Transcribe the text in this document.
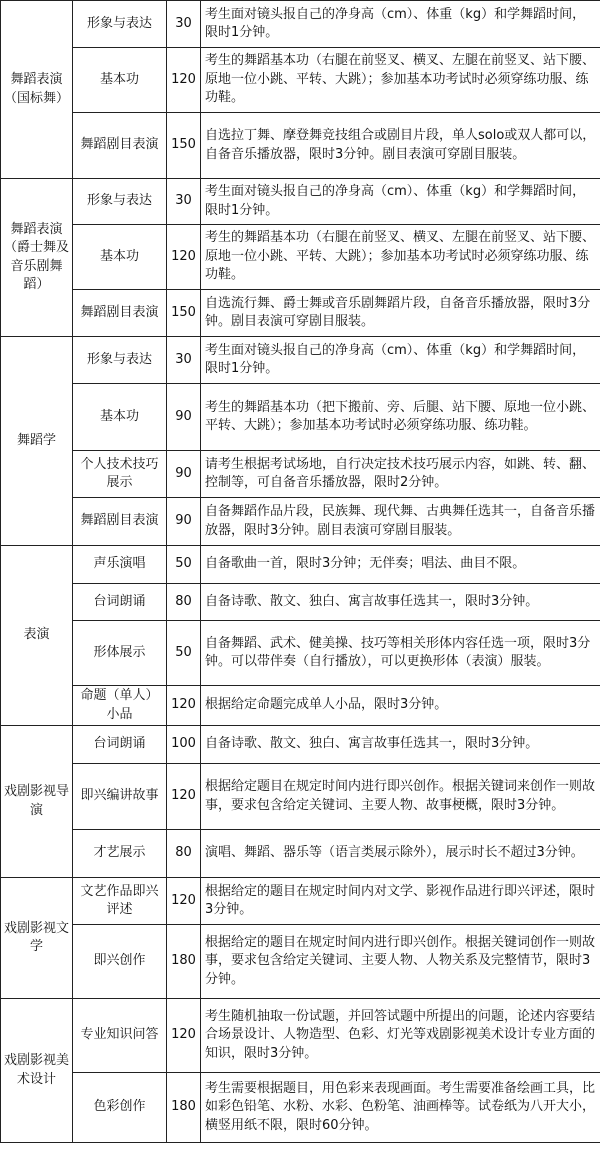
舞蹈表演（国标舞）	形象与表达	30	考生面对镜头报自己的净身高（cm）、体重（kg）和学舞蹈时间，限时1分钟。
	基本功	120	考生的舞蹈基本功（右腿在前竖叉、横叉、左腿在前竖叉、站下腰、原地一位小跳、平转、大跳）；参加基本功考试时必须穿练功服、练功鞋。
	舞蹈剧目表演	150	自选拉丁舞、摩登舞竞技组合或剧目片段，单人solo或双人都可以，自备音乐播放器，限时3分钟。剧目表演可穿剧目服装。
舞蹈表演（爵士舞及音乐剧舞蹈）	形象与表达	30	考生面对镜头报自己的净身高（cm）、体重（kg）和学舞蹈时间，限时1分钟。
	基本功	120	考生的舞蹈基本功（右腿在前竖叉、横叉、左腿在前竖叉、站下腰、原地一位小跳、平转、大跳）；参加基本功考试时必须穿练功服、练功鞋。
	舞蹈剧目表演	150	自选流行舞、爵士舞或音乐剧舞蹈片段，自备音乐播放器，限时3分钟。剧目表演可穿剧目服装。
舞蹈学	形象与表达	30	考生面对镜头报自己的净身高（cm）、体重（kg）和学舞蹈时间，限时1分钟。
	基本功	90	考生的舞蹈基本功（把下搬前、旁、后腿、站下腰、原地一位小跳、平转、大跳）；参加基本功考试时必须穿练功服、练功鞋。
	个人技术技巧展示	90	请考生根据考试场地，自行决定技术技巧展示内容，如跳、转、翻、控制等，可自备音乐播放器，限时2分钟。
	舞蹈剧目表演	90	自备舞蹈作品片段，民族舞、现代舞、古典舞任选其一，自备音乐播放器，限时3分钟。剧目表演可穿剧目服装。
表演	声乐演唱	50	自备歌曲一首，限时3分钟；无伴奏；唱法、曲目不限。
	台词朗诵	80	自备诗歌、散文、独白、寓言故事任选其一，限时3分钟。
	形体展示	50	自备舞蹈、武术、健美操、技巧等相关形体内容任选一项，限时3分钟。可以带伴奏（自行播放），可以更换形体（表演）服装。
	命题（单人）小品	120	根据给定命题完成单人小品，限时3分钟。
戏剧影视导演	台词朗诵	100	自备诗歌、散文、独白、寓言故事任选其一，限时3分钟。
	即兴编讲故事	120	根据给定题目在规定时间内进行即兴创作。根据关键词来创作一则故事，要求包含给定关键词、主要人物、故事梗概，限时3分钟。
	才艺展示	80	演唱、舞蹈、器乐等（语言类展示除外），展示时长不超过3分钟。
戏剧影视文学	文艺作品即兴评述	120	根据给定的题目在规定时间内对文学、影视作品进行即兴评述，限时3分钟。
	即兴创作	180	根据给定的题目在规定时间内进行即兴创作。根据关键词创作一则故事，要求包含给定关键词、主要人物、人物关系及完整情节，限时3分钟。
戏剧影视美术设计	专业知识问答	120	考生随机抽取一份试题，并回答试题中所提出的问题，论述内容要结合场景设计、人物造型、色彩、灯光等戏剧影视美术设计专业方面的知识，限时3分钟。
	色彩创作	180	考生需要根据题目，用色彩来表现画面。考生需要准备绘画工具，比如彩色铅笔、水粉、水彩、色粉笔、油画棒等。试卷纸为八开大小，横竖用纸不限，限时60分钟。
